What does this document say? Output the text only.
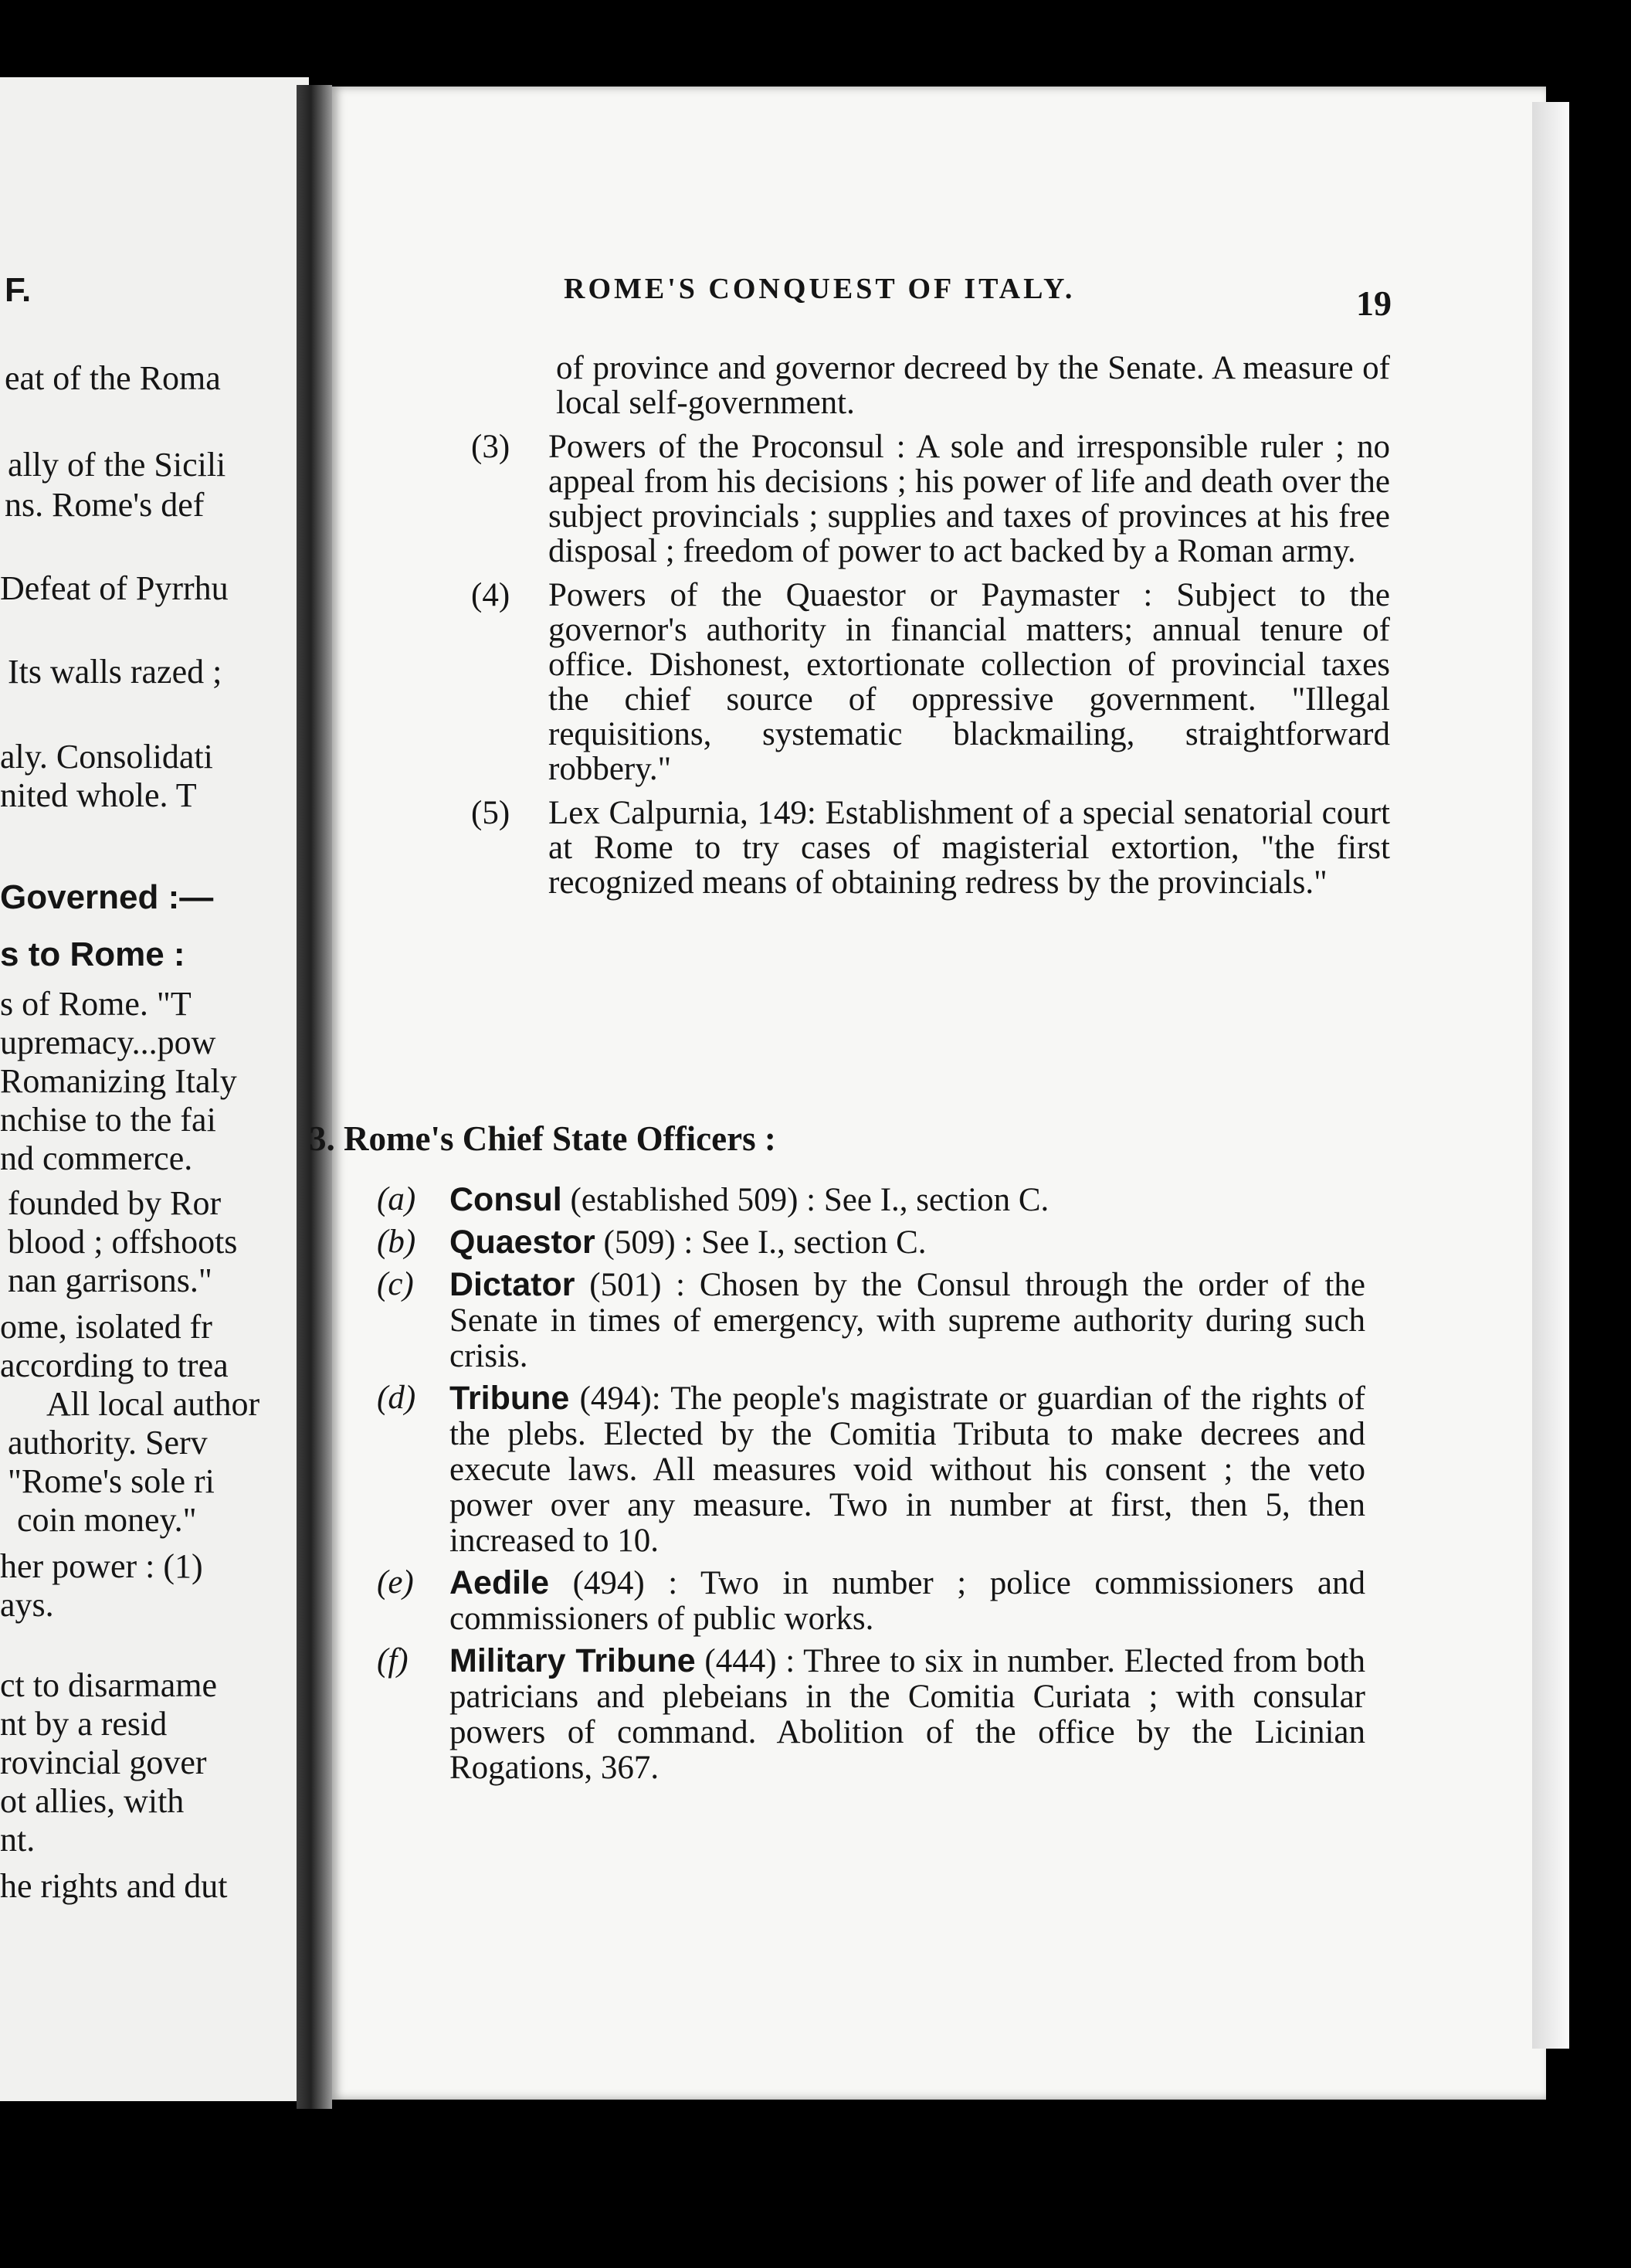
F.
eat of the Roma
ally of the Sicili
ns. Rome's def
Defeat of Pyrrhu
Its walls razed ;
aly. Consolidati
nited whole. T
Governed :—
s to Rome :
s of Rome. "T
upremacy...pow
Romanizing Italy
nchise to the fai
nd commerce.
founded by Ror
blood ; offshoots
nan garrisons."
ome, isolated fr
according to trea
All local author
authority. Serv
"Rome's sole ri
coin money."
her power : (1)
ays.
ct to disarmame
nt by a resid
rovincial gover
ot allies, with
nt.
he rights and dut
ROME'S CONQUEST OF ITALY.	19

of province and governor decreed by the Senate. A measure of local self-government.

(3)	Powers of the Proconsul : A sole and irresponsible ruler ; no appeal from his decisions ; his power of life and death over the subject provincials ; supplies and taxes of provinces at his free disposal ; freedom of power to act backed by a Roman army.
(4)	Powers of the Quaestor or Paymaster : Subject to the governor's authority in financial matters; annual tenure of office. Dishonest, extortionate collection of provincial taxes the chief source of oppressive government. "Illegal requisitions, systematic blackmailing, straightforward robbery."
(5)	Lex Calpurnia, 149: Establishment of a special senatorial court at Rome to try cases of magisterial extortion, "the first recognized means of obtaining redress by the provincials."
3. Rome's Chief State Officers :
(a)	Consul (established 509) : See I., section C.
(b)	Quaestor (509) : See I., section C.
(c)	Dictator (501) : Chosen by the Consul through the order of the Senate in times of emergency, with supreme authority during such crisis.
(d)	Tribune (494): The people's magistrate or guardian of the rights of the plebs. Elected by the Comitia Tributa to make decrees and execute laws. All measures void without his consent ; the veto power over any measure. Two in number at first, then 5, then increased to 10.
(e)	Aedile (494) : Two in number ; police commissioners and commissioners of public works.
(f)	Military Tribune (444) : Three to six in number. Elected from both patricians and plebeians in the Comitia Curiata ; with consular powers of command. Abolition of the office by the Licinian Rogations, 367.
